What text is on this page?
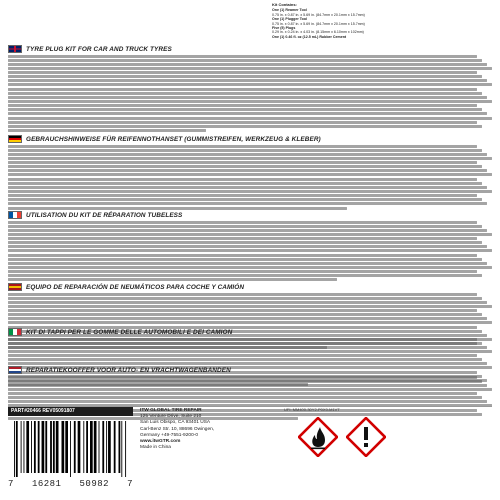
Kit Contains:
One (1) Reamer Tool
0.75 in. x 0.87 in. x 5.69 in. (84.7mm x 20.1mm x 15.7mm)
One (1) Plugger Tool
0.75 in. x 0.87 in. x 5.69 in. (84.7mm x 20.1mm x 15.7mm)
Five (5) Plugs
0.29 in. x 0.24 in. x 4.03 in. (8.15mm x 6.10mm x 102mm)
One (1) 0.46 fl. oz (12.5 mL) Rubber Cement
TYRE PLUG KIT FOR CAR AND TRUCK TYRES
GEBRAUCHSHINWEISE FÜR REIFENNOTHANSET (GUMMISTREIFEN, WERKZEUG & KLEBER)
UTILISATION DU KIT DE RÉPARATION TUBELESS
EQUIPO DE REPARACIÓN DE NEUMÁTICOS PARA COCHE Y CAMIÓN
KIT DI TAPPI PER LE GOMME DELLE AUTOMOBILI E DEI CAMION
REPARATIEKOOFFER VOOR AUTO- EN VRACHTWAGENBANDEN
PART#20466 REV05091807
7 16281 50982 7
ITW GLOBAL TIRE REPAIR
125 Venture Drive, Suite 210
San Luis Obispo, CA 93401 USA
Carl-Benz Str. 10, 88696 Owingen,
Germany +49-7551-9200-0
www.itwGTR.com
Made in China
UFI: MM400-30Y2-P0X0-M1VT
